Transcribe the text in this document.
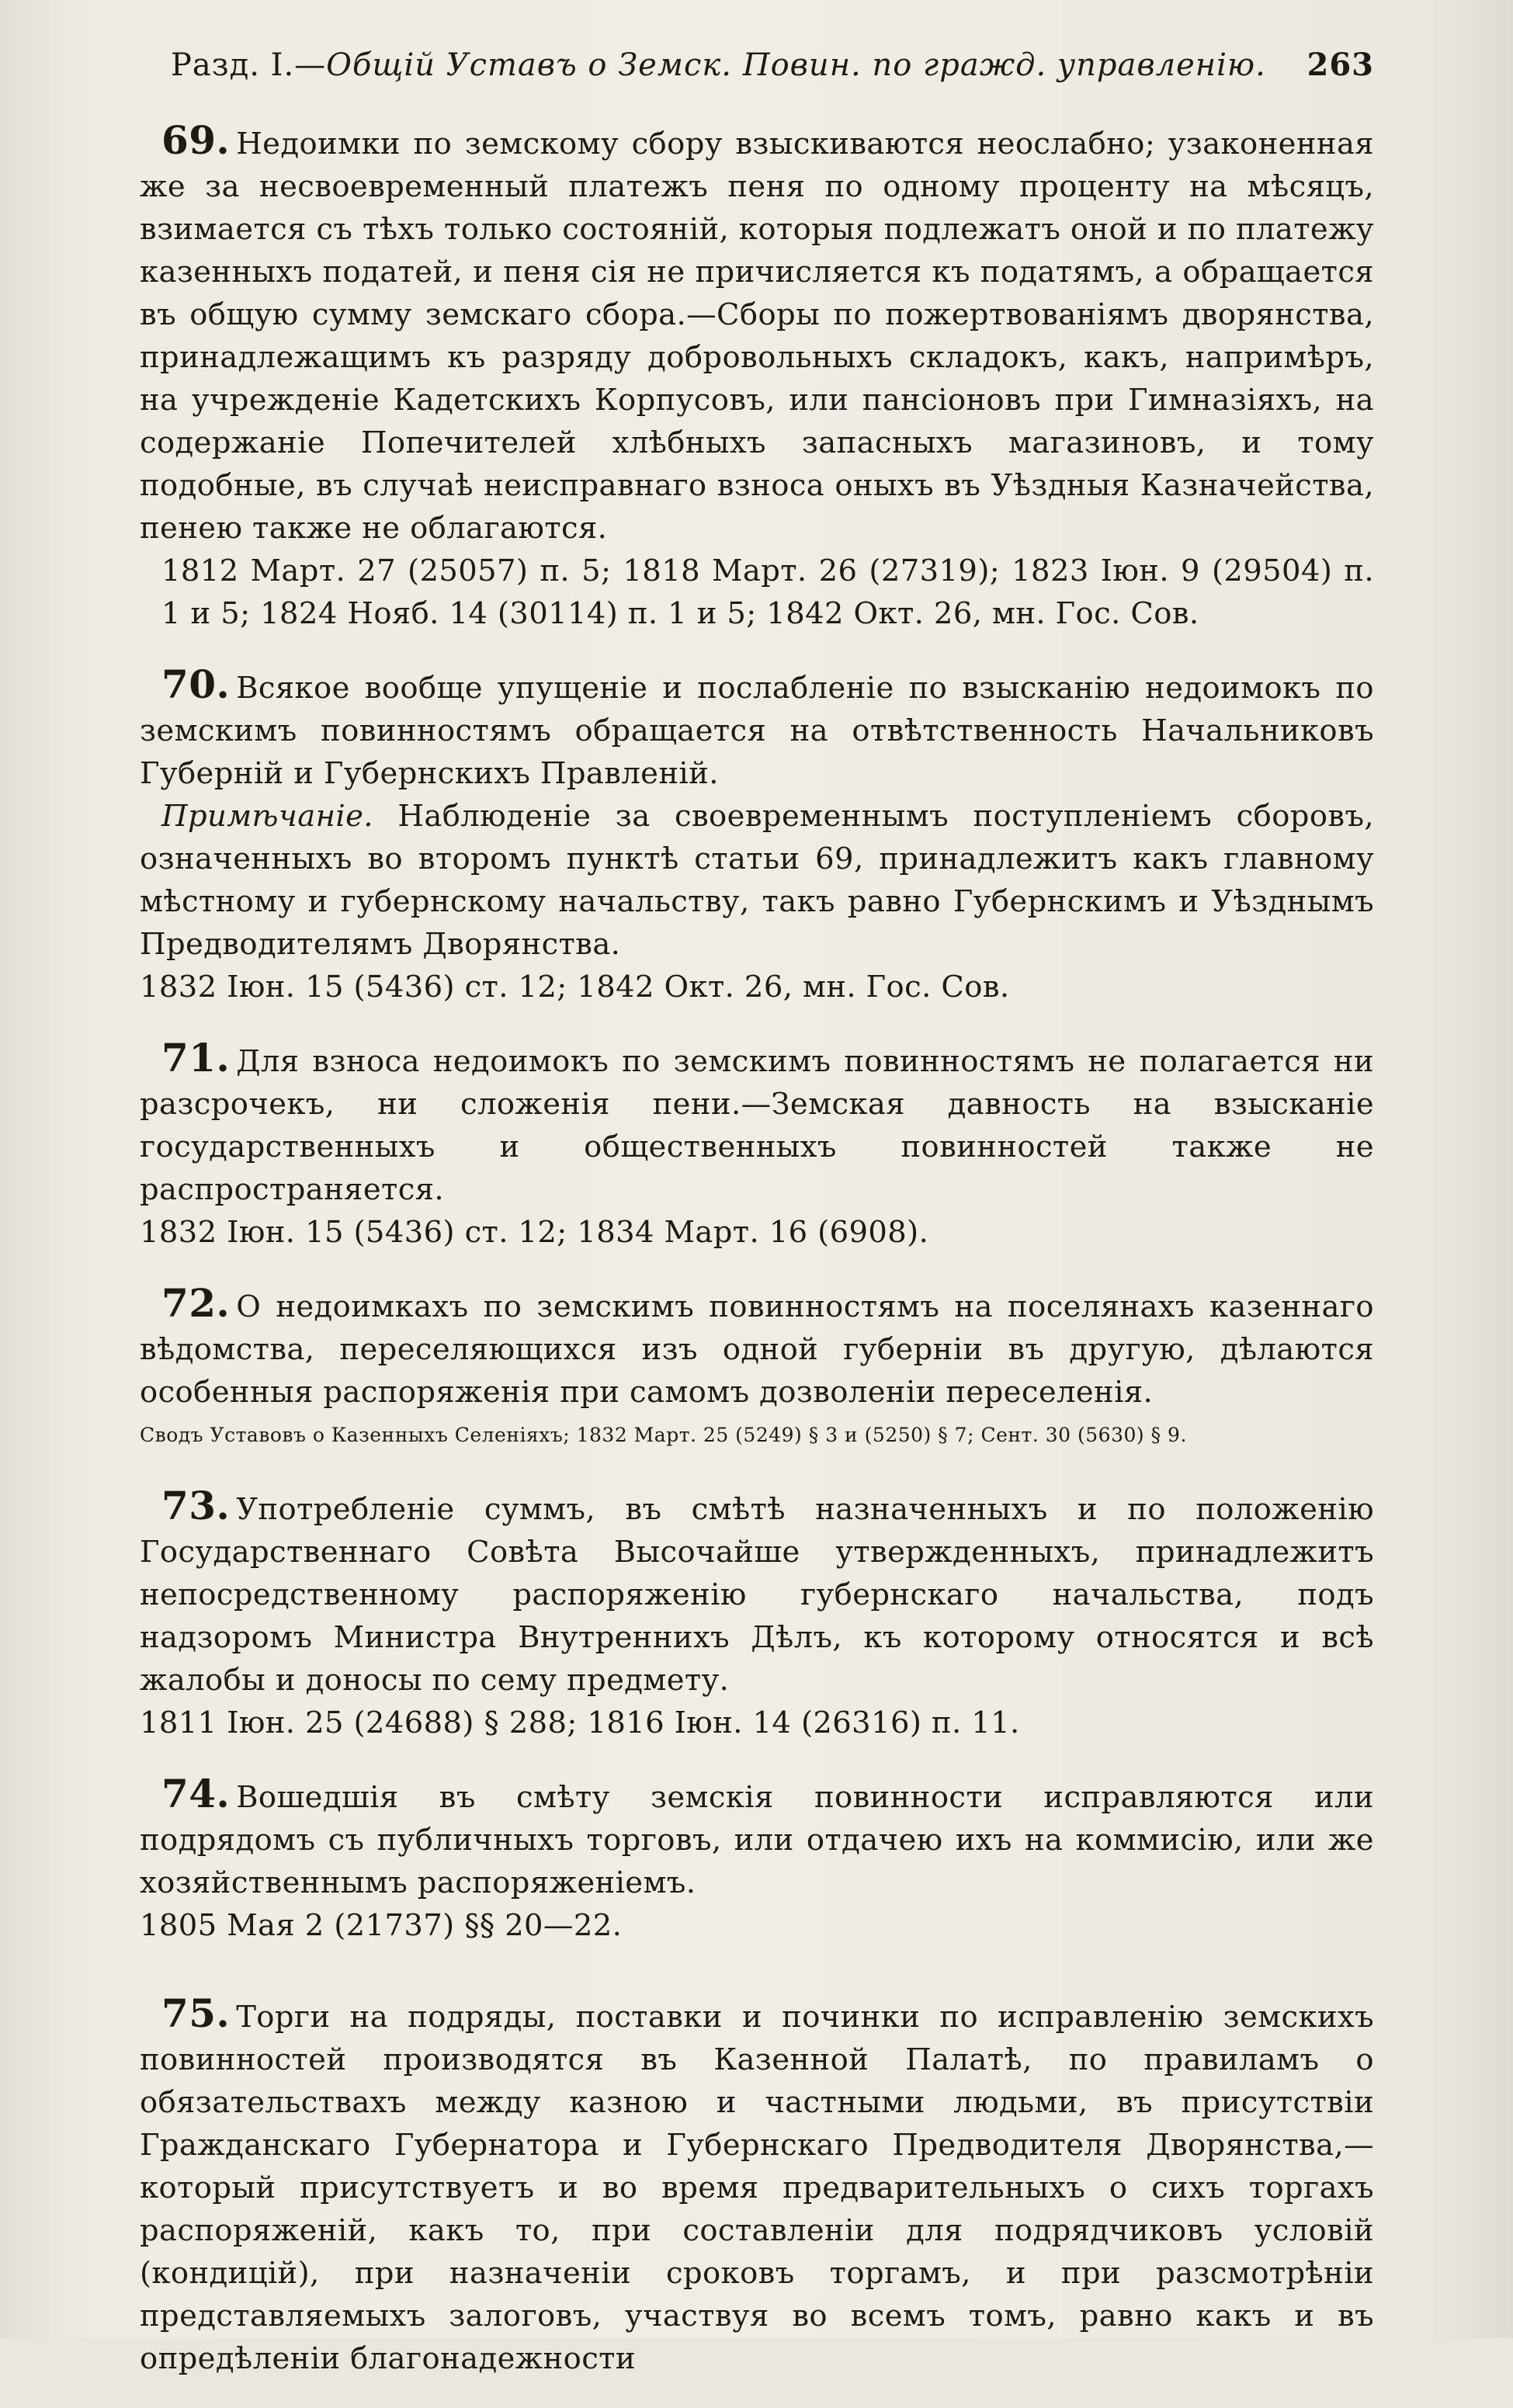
Разд. I.—Общій Уставъ о Земск. Повин. по гражд. управленію. 263

69. Недоимки по земскому сбору взыскиваются неослабно; узаконенная же за несвоевременный платежъ пеня по одному проценту на мѣсяцъ, взимается съ тѣхъ только состояній, которыя подлежатъ оной и по платежу казенныхъ податей, и пеня сія не причисляется къ податямъ, а обращается въ общую сумму земскаго сбора.—Сборы по пожертвованіямъ дворянства, принадлежащимъ къ разряду добровольныхъ складокъ, какъ, напримѣръ, на учрежденіе Кадетскихъ Корпусовъ, или пансіоновъ при Гимназіяхъ, на содержаніе Попечителей хлѣбныхъ запасныхъ магазиновъ, и тому подобные, въ случаѣ неисправнаго взноса оныхъ въ Уѣздныя Казначейства, пенею также не облагаются.

1812 Март. 27 (25057) п. 5; 1818 Март. 26 (27319); 1823 Іюн. 9 (29504) п. 1 и 5; 1824 Нояб. 14 (30114) п. 1 и 5; 1842 Окт. 26, мн. Гос. Сов.

70. Всякое вообще упущеніе и послабленіе по взысканію недоимокъ по земскимъ повинностямъ обращается на отвѣтственность Начальниковъ Губерній и Губернскихъ Правленій.

Примѣчаніе. Наблюденіе за своевременнымъ поступленіемъ сборовъ, означенныхъ во второмъ пунктѣ статьи 69, принадлежитъ какъ главному мѣстному и губернскому начальству, такъ равно Губернскимъ и Уѣзднымъ Предводителямъ Дворянства.

1832 Іюн. 15 (5436) ст. 12; 1842 Окт. 26, мн. Гос. Сов.

71. Для взноса недоимокъ по земскимъ повинностямъ не полагается ни разсрочекъ, ни сложенія пени.—Земская давность на взысканіе государственныхъ и общественныхъ повинностей также не распространяется.

1832 Іюн. 15 (5436) ст. 12; 1834 Март. 16 (6908).

72. О недоимкахъ по земскимъ повинностямъ на поселянахъ казеннаго вѣдомства, переселяющихся изъ одной губерніи въ другую, дѣлаются особенныя распоряженія при самомъ дозволеніи переселенія.

Сводъ Уставовъ о Казенныхъ Селеніяхъ; 1832 Март. 25 (5249) § 3 и (5250) § 7; Сент. 30 (5630) § 9.

73. Употребленіе суммъ, въ смѣтѣ назначенныхъ и по положенію Государственнаго Совѣта Высочайше утвержденныхъ, принадлежитъ непосредственному распоряженію губернскаго начальства, подъ надзоромъ Министра Внутреннихъ Дѣлъ, къ которому относятся и всѣ жалобы и доносы по сему предмету.

1811 Іюн. 25 (24688) § 288; 1816 Іюн. 14 (26316) п. 11.

74. Вошедшія въ смѣту земскія повинности исправляются или подрядомъ съ публичныхъ торговъ, или отдачею ихъ на коммисію, или же хозяйственнымъ распоряженіемъ.

1805 Мая 2 (21737) §§ 20—22.

75. Торги на подряды, поставки и починки по исправленію земскихъ повинностей производятся въ Казенной Палатѣ, по правиламъ о обязательствахъ между казною и частными людьми, въ присутствіи Гражданскаго Губернатора и Губернскаго Предводителя Дворянства,—который присутствуетъ и во время предварительныхъ о сихъ торгахъ распоряженій, какъ то, при составленіи для подрядчиковъ условій (кондицій), при назначеніи сроковъ торгамъ, и при разсмотрѣніи представляемыхъ залоговъ, участвуя во всемъ томъ, равно какъ и въ опредѣленіи благонадежности
